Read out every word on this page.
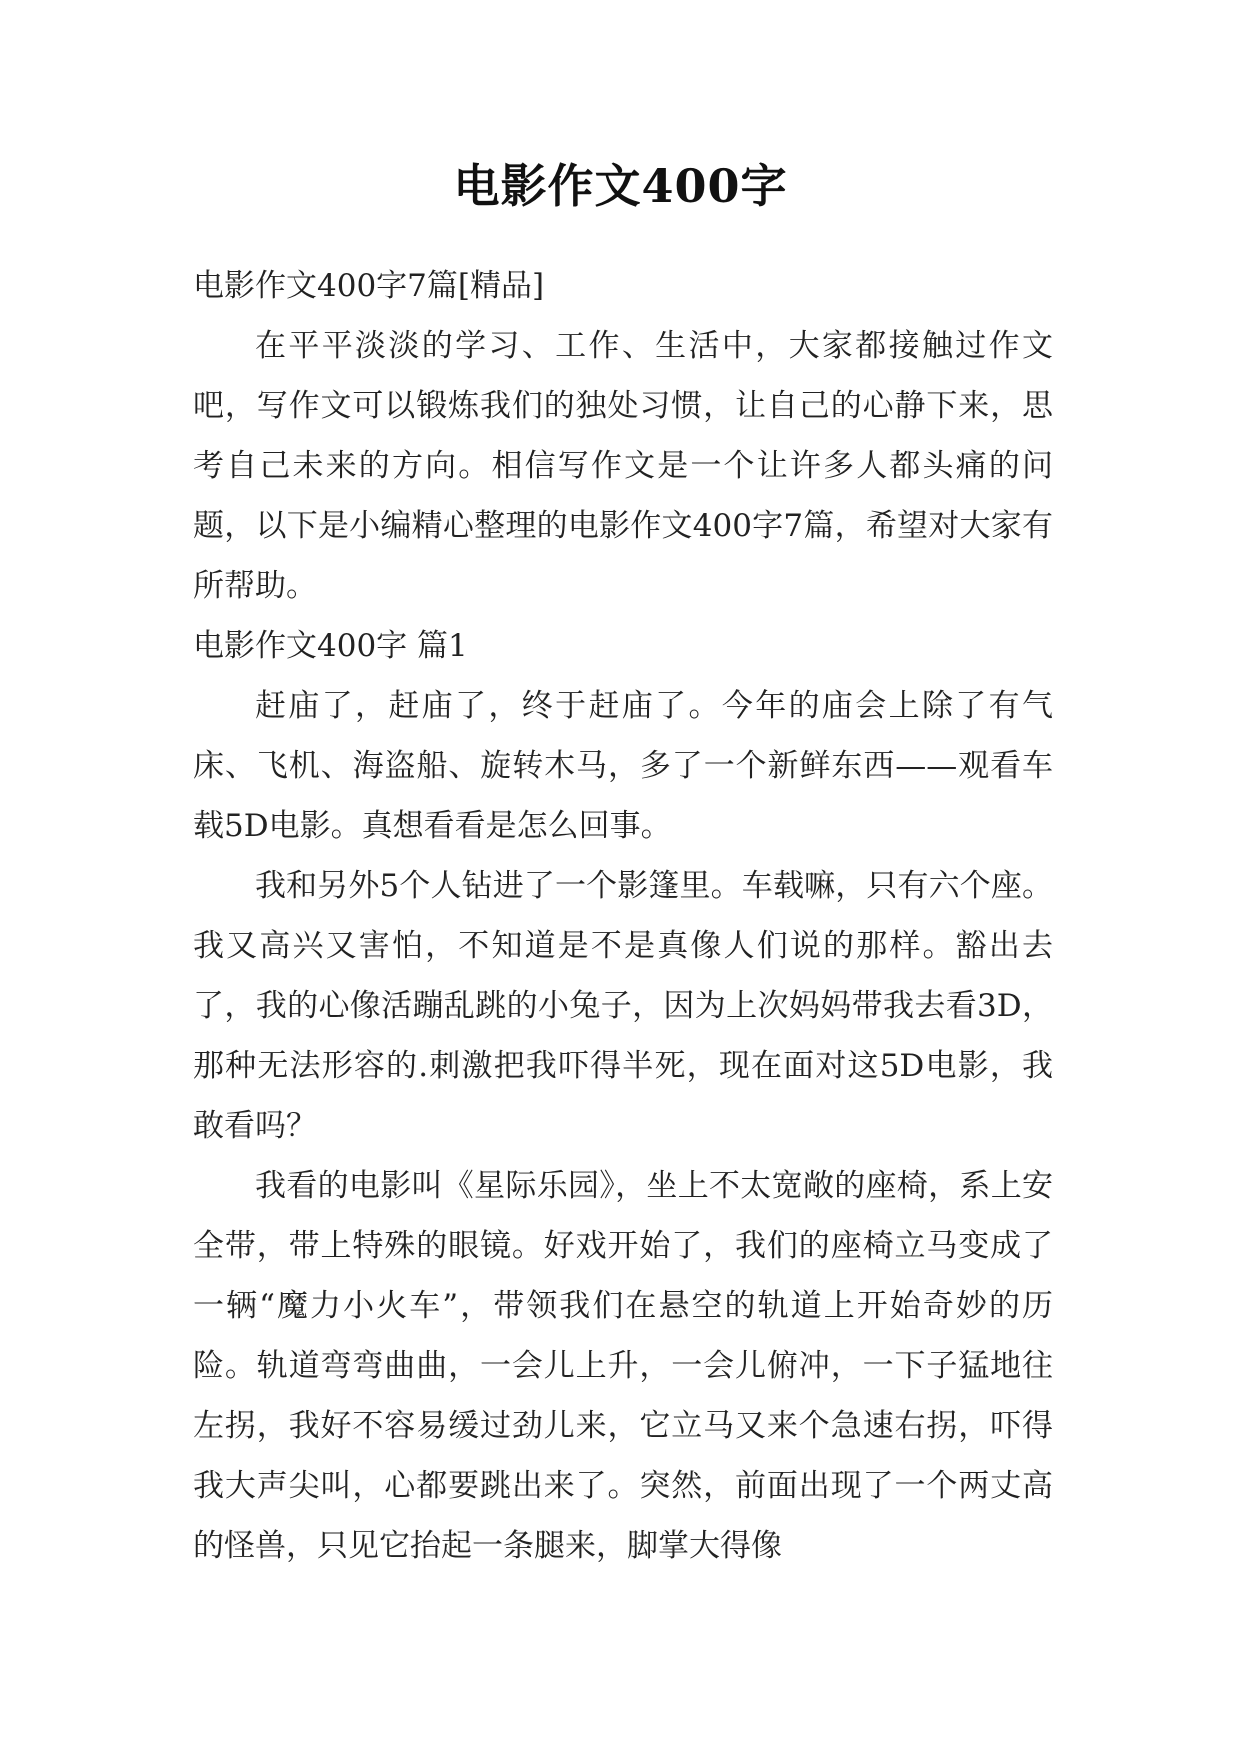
电影作文400字

电影作文400字7篇[精品]

在平平淡淡的学习、工作、生活中，大家都接触过作文吧，写作文可以锻炼我们的独处习惯，让自己的心静下来，思考自己未来的方向。相信写作文是一个让许多人都头痛的问题，以下是小编精心整理的电影作文400字7篇，希望对大家有所帮助。

电影作文400字 篇1

赶庙了，赶庙了，终于赶庙了。今年的庙会上除了有气床、飞机、海盗船、旋转木马，多了一个新鲜东西——观看车载5D电影。真想看看是怎么回事。

我和另外5个人钻进了一个影篷里。车载嘛，只有六个座。我又高兴又害怕，不知道是不是真像人们说的那样。豁出去了，我的心像活蹦乱跳的小兔子，因为上次妈妈带我去看3D，那种无法形容的.刺激把我吓得半死，现在面对这5D电影，我敢看吗？

我看的电影叫《星际乐园》，坐上不太宽敞的座椅，系上安全带，带上特殊的眼镜。好戏开始了，我们的座椅立马变成了一辆“魔力小火车”，带领我们在悬空的轨道上开始奇妙的历险。轨道弯弯曲曲，一会儿上升，一会儿俯冲，一下子猛地往左拐，我好不容易缓过劲儿来，它立马又来个急速右拐，吓得我大声尖叫，心都要跳出来了。突然，前面出现了一个两丈高的怪兽，只见它抬起一条腿来，脚掌大得像
